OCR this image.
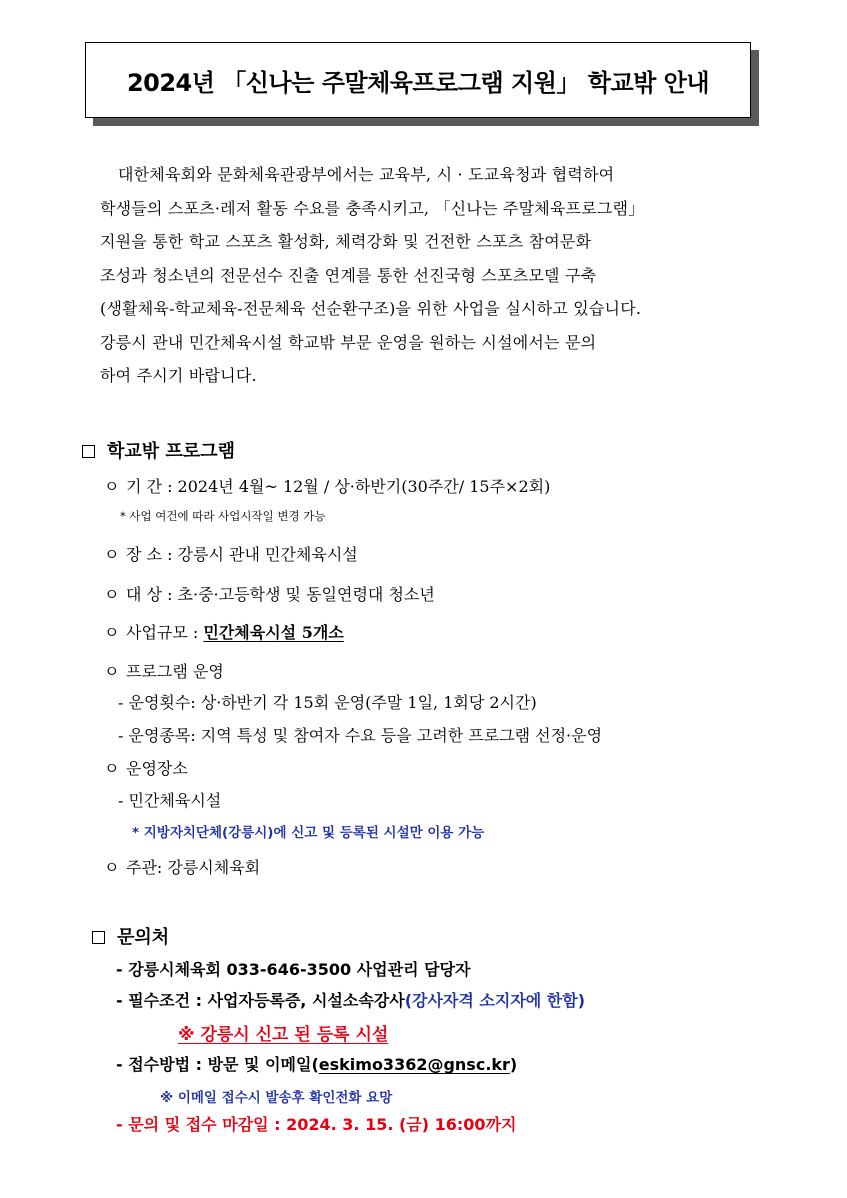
2024년 「신나는 주말체육프로그램 지원」 학교밖 안내

대한체육회와 문화체육관광부에서는 교육부, 시 · 도교육청과 협력하여

학생들의 스포츠·레저 활동 수요를 충족시키고, 「신나는 주말체육프로그램」

지원을 통한 학교 스포츠 활성화, 체력강화 및 건전한 스포츠 참여문화

조성과 청소년의 전문선수 진출 연계를 통한 선진국형 스포츠모델 구축

(생활체육-학교체육-전문체육 선순환구조)을 위한 사업을 실시하고 있습니다.

강릉시 관내 민간체육시설 학교밖 부문 운영을 원하는 시설에서는 문의

하여 주시기 바랍니다.

학교밖 프로그램
ㅇ 기 간 : 2024년 4월~ 12월 / 상·하반기(30주간/ 15주×2회)
* 사업 여건에 따라 사업시작일 변경 가능
ㅇ 장 소 : 강릉시 관내 민간체육시설
ㅇ 대 상 : 초·중·고등학생 및 동일연령대 청소년
ㅇ 사업규모 : 민간체육시설 5개소
ㅇ 프로그램 운영
- 운영횟수: 상·하반기 각 15회 운영(주말 1일, 1회당 2시간)
- 운영종목: 지역 특성 및 참여자 수요 등을 고려한 프로그램 선정·운영
ㅇ 운영장소
- 민간체육시설
* 지방자치단체(강릉시)에 신고 및 등록된 시설만 이용 가능
ㅇ 주관: 강릉시체육회
문의처
- 강릉시체육회 033-646-3500 사업관리 담당자
- 필수조건 : 사업자등록증, 시설소속강사(강사자격 소지자에 한함)
※ 강릉시 신고 된 등록 시설
- 접수방법 : 방문 및 이메일(eskimo3362@gnsc.kr)
※ 이메일 접수시 발송후 확인전화 요망
- 문의 및 접수 마감일 : 2024. 3. 15. (금) 16:00까지
